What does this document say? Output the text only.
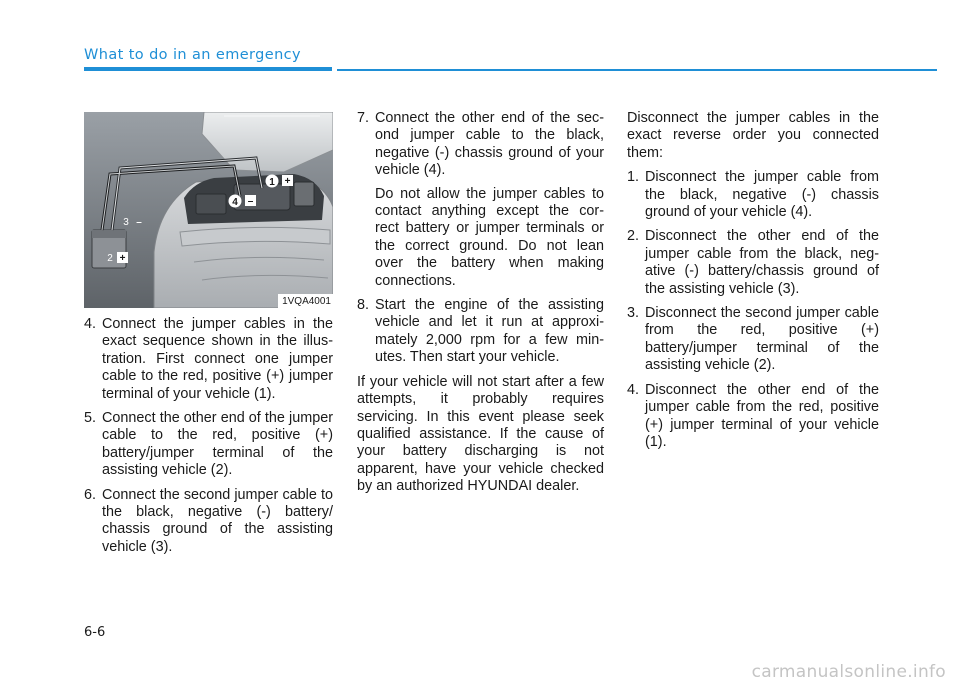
What to do in an emergency
1 +
4 –
3 –
2 +
1VQA4001
4. Connect the jumper cables in the exact sequence shown in the illus- tration. First connect one jumper cable to the red, positive (+) jumper terminal of your vehicle (1).
5. Connect the other end of the jumper cable to the red, positive (+) battery/jumper terminal of the assisting vehicle (2).
6. Connect the second jumper cable to the black, negative (-) battery/ chassis ground of the assisting vehicle (3).
7. Connect the other end of the sec- ond jumper cable to the black, negative (-) chassis ground of your vehicle (4).
Do not allow the jumper cables to contact anything except the cor- rect battery or jumper terminals or the correct ground. Do not lean over the battery when making connections.
8. Start the engine of the assisting vehicle and let it run at approxi- mately 2,000 rpm for a few min- utes. Then start your vehicle.

If your vehicle will not start after a few attempts, it probably requires servicing. In this event please seek qualified assistance. If the cause of your battery discharging is not apparent, have your vehicle checked by an authorized HYUNDAI dealer.

Disconnect the jumper cables in the exact reverse order you connected them:

1. Disconnect the jumper cable from the black, negative (-) chassis ground of your vehicle (4).
2. Disconnect the other end of the jumper cable from the black, neg- ative (-) battery/chassis ground of the assisting vehicle (3).
3. Disconnect the second jumper cable from the red, positive (+) battery/jumper terminal of the assisting vehicle (2).
4. Disconnect the other end of the jumper cable from the red, positive (+) jumper terminal of your vehicle (1).
6-6
carmanualsonline.info
